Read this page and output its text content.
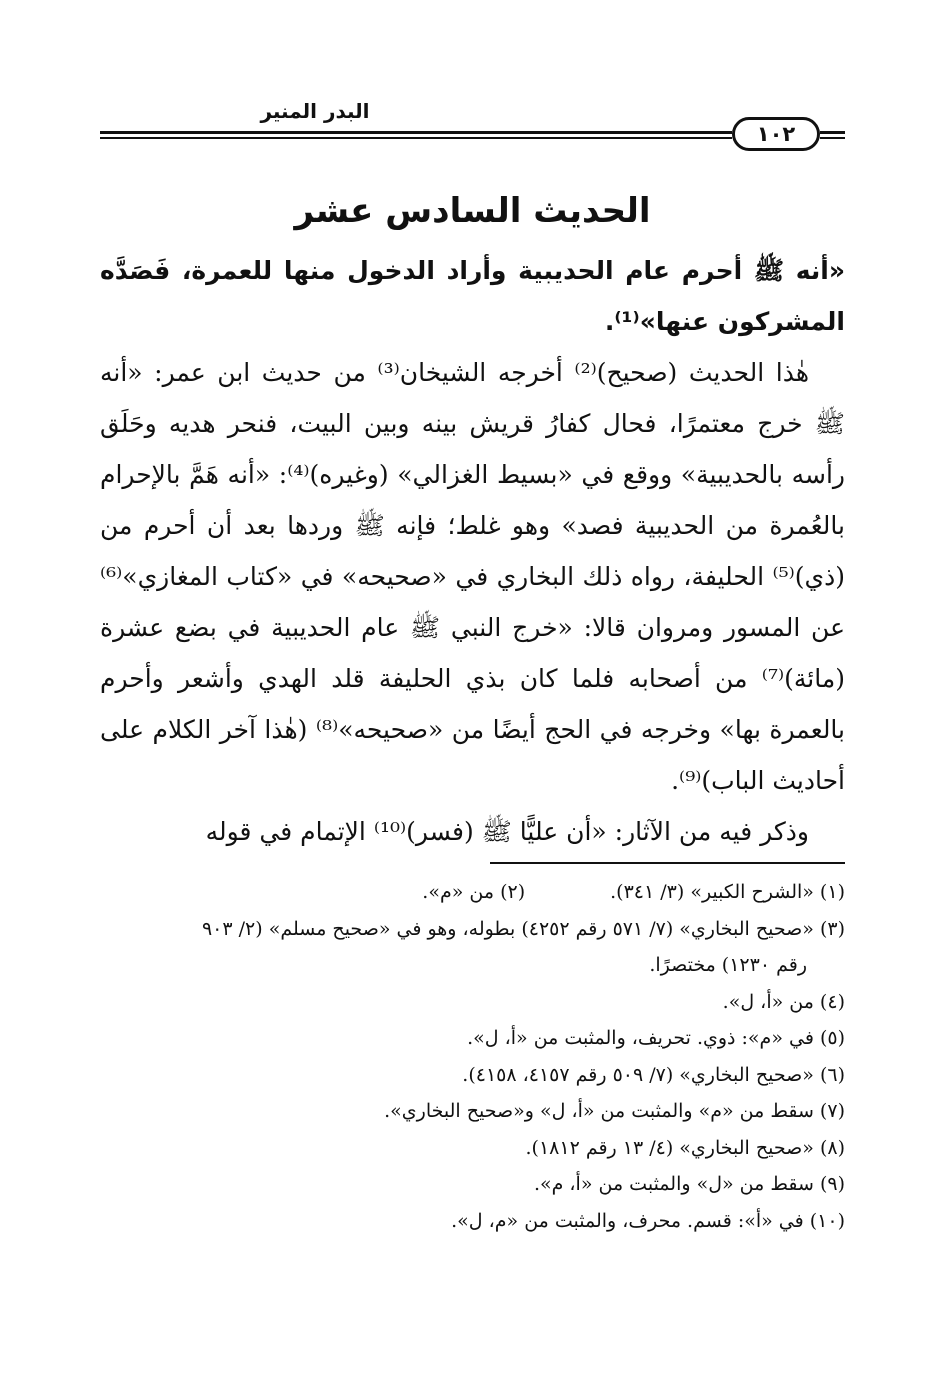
البدر المنير
١٠٢
الحديث السادس عشر

«أنه ﷺ أحرم عام الحديبية وأراد الدخول منها للعمرة، فَصَدَّه المشركون عنها»⁽¹⁾.

هٰذا الحديث (صحيح)⁽²⁾ أخرجه الشيخان⁽³⁾ من حديث ابن عمر: «أنه ﷺ خرج معتمرًا، فحال كفارُ قريش بينه وبين البيت، فنحر هديه وحَلَق رأسه بالحديبية» ووقع في «بسيط الغزالي» (وغيره)⁽⁴⁾: «أنه هَمَّ بالإحرام بالعُمرة من الحديبية فصد» وهو غلط؛ فإنه ﷺ وردها بعد أن أحرم من (ذي)⁽⁵⁾ الحليفة، رواه ذلك البخاري في «صحيحه» في «كتاب المغازي»⁽⁶⁾ عن المسور ومروان قالا: «خرج النبي ﷺ عام الحديبية في بضع عشرة (مائة)⁽⁷⁾ من أصحابه فلما كان بذي الحليفة قلد الهدي وأشعر وأحرم بالعمرة بها» وخرجه في الحج أيضًا من «صحيحه»⁽⁸⁾ (هٰذا آخر الكلام على أحاديث الباب)⁽⁹⁾.

وذكر فيه من الآثار: «أن عليًّا ﷺ (فسر)⁽¹⁰⁾ الإتمام في قوله

(١) «الشرح الكبير» (٣/ ٣٤١).(٢) من «م».

(٣) «صحيح البخاري» (٧/ ٥٧١ رقم ٤٢٥٢) بطوله، وهو في «صحيح مسلم» (٢/ ٩٠٣

رقم ١٢٣٠) مختصرًا.

(٤) من «أ، ل».

(٥) في «م»: ذوي. تحريف، والمثبت من «أ، ل».

(٦) «صحيح البخاري» (٧/ ٥٠٩ رقم ٤١٥٧، ٤١٥٨).

(٧) سقط من «م» والمثبت من «أ، ل» و«صحيح البخاري».

(٨) «صحيح البخاري» (٤/ ١٣ رقم ١٨١٢).

(٩) سقط من «ل» والمثبت من «أ، م».

(١٠) في «أ»: قسم. محرف، والمثبت من «م، ل».
